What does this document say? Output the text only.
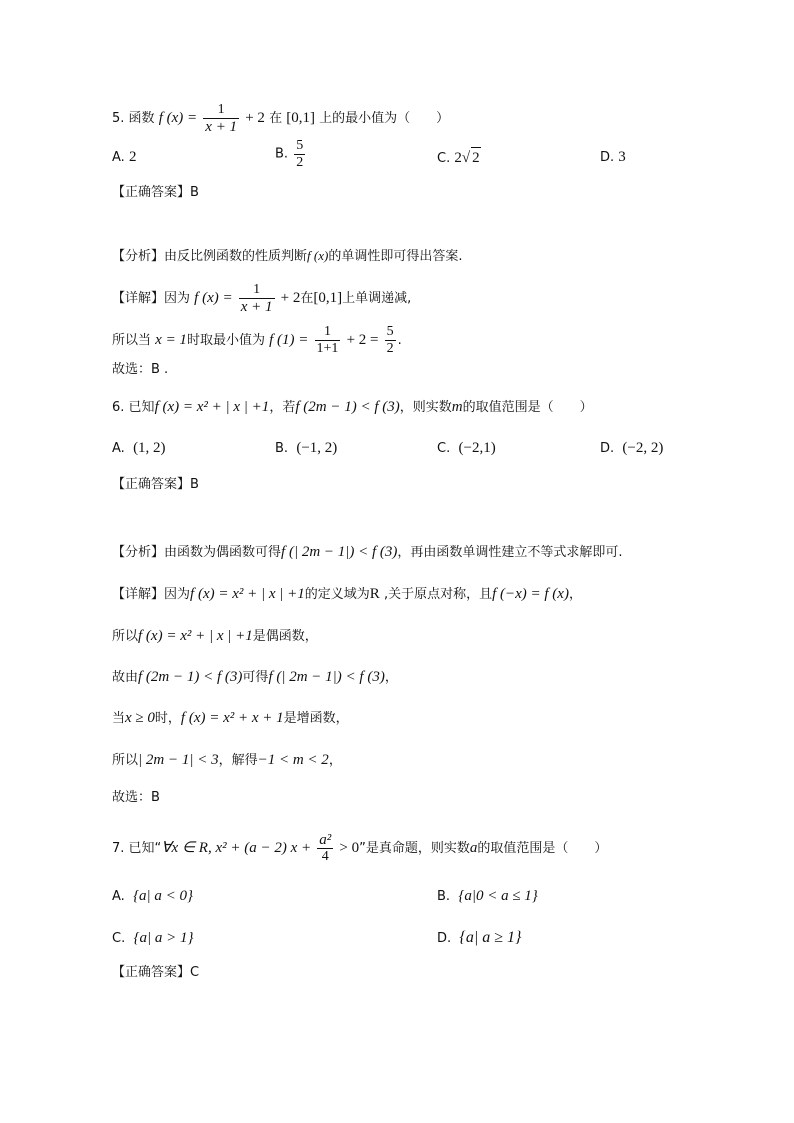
5. 函数 f $(x) = \frac{1}{x + 1} + 2$ 在 [0,1] 上的最小值为（　　）
A. 2	B. $\frac{5}{2}$	C. 2√ 2	D. 3
【正确答案】B
【分析】由反比例函数的性质判断f (x)的单调性即可得出答案.
【详解】因为 f $(x) = \frac{1}{x + 1} + 2$在[0,1]上单调递减,
所以当 x = 1时取最小值为 f $(1) = \frac{1}{1+1} + 2 = \frac{5}{2}$ .
故选：B .
6. 已知f (x) = x² + | x | +1，若f (2m − 1) < f (3)，则实数m的取值范围是（　　）
A. (1, 2)	B. (−1, 2)	C. (−2,1)	D. (−2, 2)
【正确答案】B
【分析】由函数为偶函数可得f (| 2m − 1|) < f (3)，再由函数单调性建立不等式求解即可.
【详解】因为f (x) = x² + | x | +1的定义域为R ,关于原点对称，且f (−x) = f (x)，
所以f (x) = x² + | x | +1是偶函数，
故由f (2m − 1) < f (3)可得f (| 2m − 1|) < f (3)，
当x ≥ 0时，f (x) = x² + x + 1是增函数，
所以| 2m − 1| < 3，解得−1 < m < 2，
故选：B
7. 已知“∀x ∈ R, x² + (a − 2) $x + \frac{\text{a²}}{4} > 0$”是真命题，则实数a的取值范围是（　　）
A. {a| a < 0}	B. {a|0 < a ≤ 1}
C. {a| a > 1}	D. {a| a ≥ 1}
【正确答案】C
